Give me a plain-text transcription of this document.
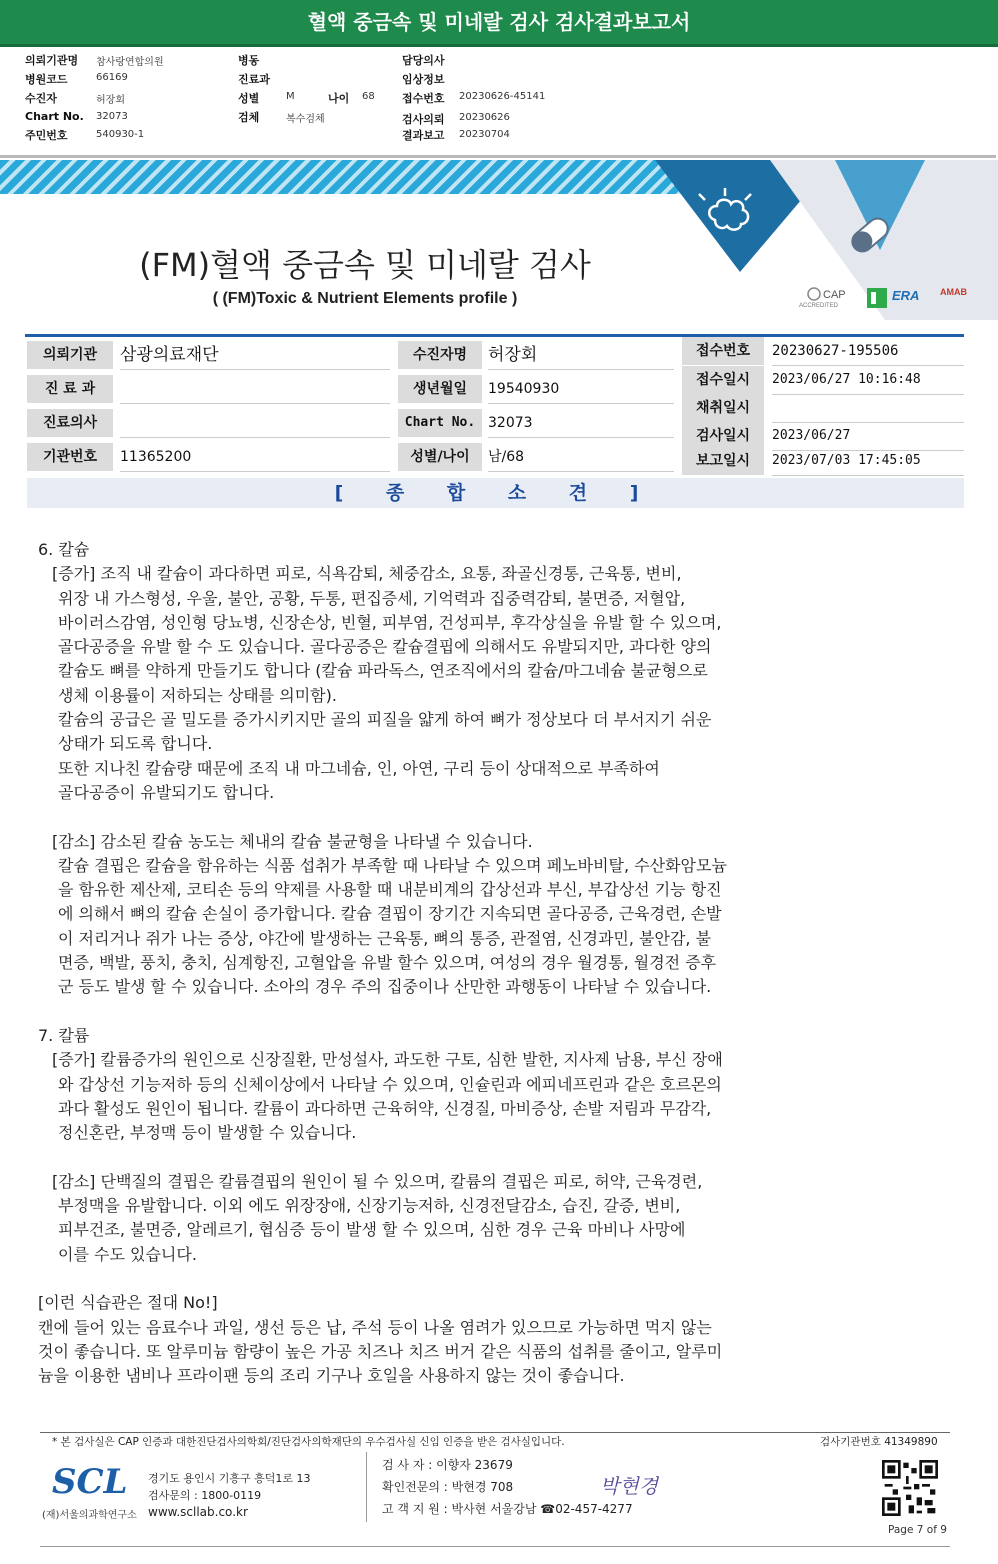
혈액 중금속 및 미네랄 검사 검사결과보고서
의뢰기관명 참사랑연합의원
병원코드	66169
수진자	허장회
Chart No. 32073
주민번호	540930-1
병동
진료과
성별	M	나이 68
검체	복수검체
담당의사
임상정보
접수번호 20230626-45141
검사의뢰 20230626
결과보고 20230704
CAP
ACCREDITED
ERA AMAB
(FM)혈액 중금속 및 미네랄 검사
( (FM)Toxic & Nutrient Elements profile )
의뢰기관	삼광의료재단
진 료 과
진료의사
기관번호	11365200
수진자명	허장회
생년월일	19540930
Chart No. 32073
성별/나이	남/68
접수번호	20230627-195506
접수일시	2023/06/27 10:16:48
채취일시
검사일시	2023/06/27
보고일시	2023/07/03 17:45:05
[ 종 합 소 견 ]
6. 칼슘
[증가] 조직 내 칼슘이 과다하면 피로, 식욕감퇴, 체중감소, 요통, 좌골신경통, 근육통, 변비,
위장 내 가스형성, 우울, 불안, 공황, 두통, 편집증세, 기억력과 집중력감퇴, 불면증, 저혈압,
바이러스감염, 성인형 당뇨병, 신장손상, 빈혈, 피부염, 건성피부, 후각상실을 유발 할 수 있으며,
골다공증을 유발 할 수 도 있습니다. 골다공증은 칼슘결핍에 의해서도 유발되지만, 과다한 양의
칼슘도 뼈를 약하게 만들기도 합니다 (칼슘 파라독스, 연조직에서의 칼슘/마그네슘 불균형으로
생체 이용률이 저하되는 상태를 의미함).
칼슘의 공급은 골 밀도를 증가시키지만 골의 피질을 얇게 하여 뼈가 정상보다 더 부서지기 쉬운
상태가 되도록 합니다.
또한 지나친 칼슘량 때문에 조직 내 마그네슘, 인, 아연, 구리 등이 상대적으로 부족하여
골다공증이 유발되기도 합니다.
[감소] 감소된 칼슘 농도는 체내의 칼슘 불균형을 나타낼 수 있습니다.
칼슘 결핍은 칼슘을 함유하는 식품 섭취가 부족할 때 나타날 수 있으며 페노바비탈, 수산화암모늄
을 함유한 제산제, 코티손 등의 약제를 사용할 때 내분비계의 갑상선과 부신, 부갑상선 기능 항진
에 의해서 뼈의 칼슘 손실이 증가합니다. 칼슘 결핍이 장기간 지속되면 골다공증, 근육경련, 손발
이 저리거나 쥐가 나는 증상, 야간에 발생하는 근육통, 뼈의 통증, 관절염, 신경과민, 불안감, 불
면증, 백발, 풍치, 충치, 심계항진, 고혈압을 유발 할수 있으며, 여성의 경우 월경통, 월경전 증후
군 등도 발생 할 수 있습니다. 소아의 경우 주의 집중이나 산만한 과행동이 나타날 수 있습니다.
7. 칼륨
[증가] 칼륨증가의 원인으로 신장질환, 만성설사, 과도한 구토, 심한 발한, 지사제 남용, 부신 장애
와 갑상선 기능저하 등의 신체이상에서 나타날 수 있으며, 인슐린과 에피네프린과 같은 호르몬의
과다 활성도 원인이 됩니다. 칼륨이 과다하면 근육허약, 신경질, 마비증상, 손발 저림과 무감각,
정신혼란, 부정맥 등이 발생할 수 있습니다.
[감소] 단백질의 결핍은 칼륨결핍의 원인이 될 수 있으며, 칼륨의 결핍은 피로, 허약, 근육경련,
부정맥을 유발합니다. 이외 에도 위장장애, 신장기능저하, 신경전달감소, 습진, 갈증, 변비,
피부건조, 불면증, 알레르기, 협심증 등이 발생 할 수 있으며, 심한 경우 근육 마비나 사망에
이를 수도 있습니다.
[이런 식습관은 절대 No!]
캔에 들어 있는 음료수나 과일, 생선 등은 납, 주석 등이 나올 염려가 있으므로 가능하면 먹지 않는
것이 좋습니다. 또 알루미늄 함량이 높은 가공 치즈나 치즈 버거 같은 식품의 섭취를 줄이고, 알루미
늄을 이용한 냄비나 프라이팬 등의 조리 기구나 호일을 사용하지 않는 것이 좋습니다.
* 본 검사실은 CAP 인증과 대한진단검사의학회/진단검사의학재단의 우수검사실 신임 인증을 받은 검사실입니다.	검사기관번호 41349890
SCL
(재)서울의과학연구소
경기도 용인시 기흥구 흥덕1로 13
검사문의 : 1800-0119
www.scllab.co.kr
검 사 자 : 이향자 23679
확인전문의 : 박현경 708
고 객 지 원 : 박사현 서울강남 ☎02-457-4277
박현경
Page 7 of 9
